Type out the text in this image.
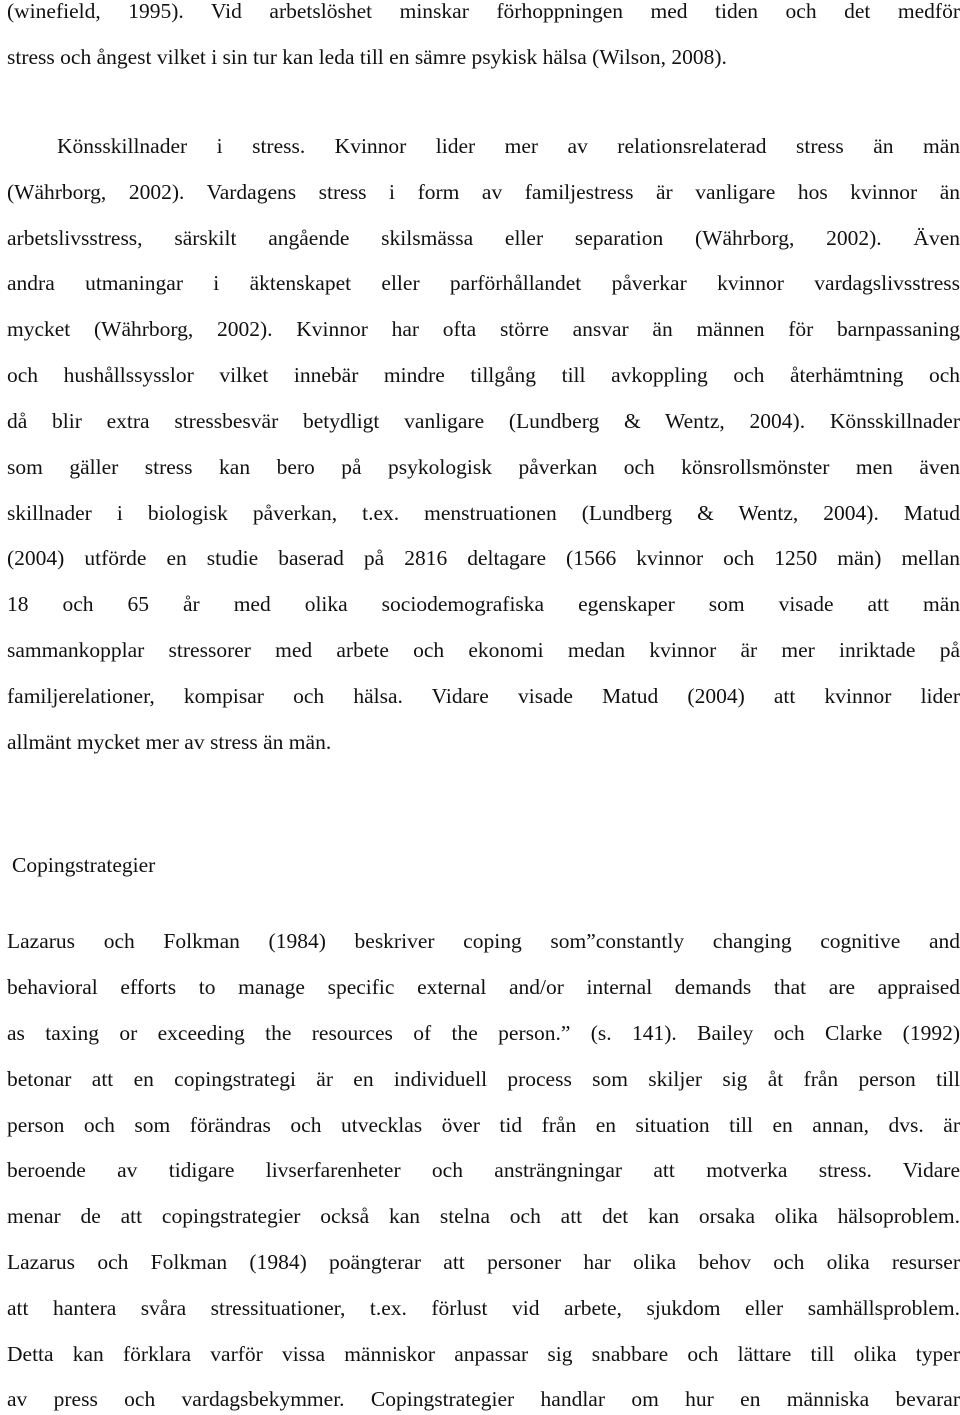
(winefield, 1995). Vid arbetslöshet minskar förhoppningen med tiden och det medför
stress och ångest vilket i sin tur kan leda till en sämre psykisk hälsa (Wilson, 2008).
Könsskillnader i stress. Kvinnor lider mer av relationsrelaterad stress än män
(Währborg, 2002). Vardagens stress i form av familjestress är vanligare hos kvinnor än
arbetslivsstress, särskilt angående skilsmässa eller separation (Währborg, 2002). Även
andra utmaningar i äktenskapet eller parförhållandet påverkar kvinnor vardagslivsstress
mycket (Währborg, 2002). Kvinnor har ofta större ansvar än männen för barnpassaning
och hushållssysslor vilket innebär mindre tillgång till avkoppling och återhämtning och
då blir extra stressbesvär betydligt vanligare (Lundberg & Wentz, 2004). Könsskillnader
som gäller stress kan bero på psykologisk påverkan och könsrollsmönster men även
skillnader i biologisk påverkan, t.ex. menstruationen (Lundberg & Wentz, 2004). Matud
(2004) utförde en studie baserad på 2816 deltagare (1566 kvinnor och 1250 män) mellan
18 och 65 år med olika sociodemografiska egenskaper som visade att män
sammankopplar stressorer med arbete och ekonomi medan kvinnor är mer inriktade på
familjerelationer, kompisar och hälsa. Vidare visade Matud (2004) att kvinnor lider
allmänt mycket mer av stress än män.
Copingstrategier
Lazarus och Folkman (1984) beskriver coping som”constantly changing cognitive and
behavioral efforts to manage specific external and/or internal demands that are appraised
as taxing or exceeding the resources of the person.” (s. 141). Bailey och Clarke (1992)
betonar att en copingstrategi är en individuell process som skiljer sig åt från person till
person och som förändras och utvecklas över tid från en situation till en annan, dvs. är
beroende av tidigare livserfarenheter och ansträngningar att motverka stress. Vidare
menar de att copingstrategier också kan stelna och att det kan orsaka olika hälsoproblem.
Lazarus och Folkman (1984) poängterar att personer har olika behov och olika resurser
att hantera svåra stressituationer, t.ex. förlust vid arbete, sjukdom eller samhällsproblem.
Detta kan förklara varför vissa människor anpassar sig snabbare och lättare till olika typer
av press och vardagsbekymmer. Copingstrategier handlar om hur en människa bevarar
